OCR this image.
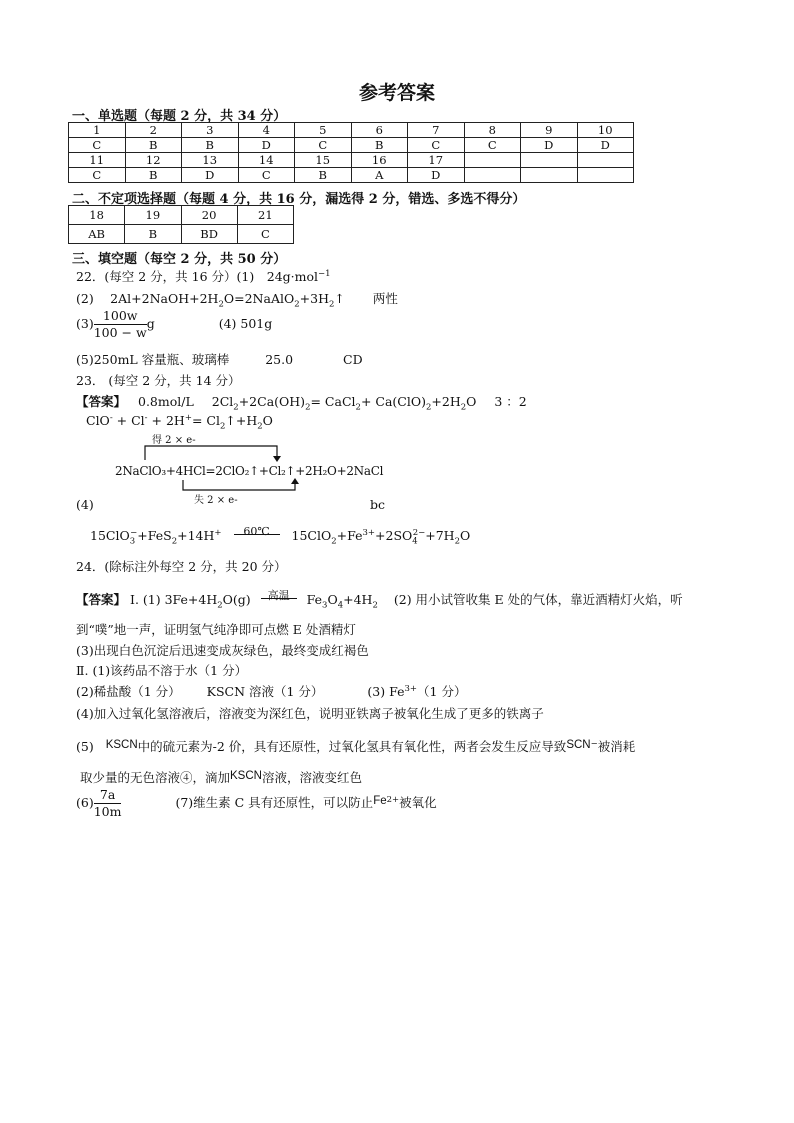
参考答案
一、单选题（每题 2 分，共 34 分）
1	2	3	4	5	6	7	8	9	10
C	B	B	D	C	B	C	C	D	D
11	12	13	14	15	16	17			
C	B	D	C	B	A	D			
二、不定项选择题（每题 4 分，共 16 分，漏选得 2 分，错选、多选不得分）
18	19	20	21
AB	B	BD	C
三、填空题（每空 2 分，共 50 分）
22．(每空 2 分，共 16 分）(1)　24g·mol$^{-1}$
(2)　 $2Al+2NaOH+2H_2O=2NaAlO_2+3H_2↑$ 两性
$(3) \frac{100w}{100 - w}$ g	(4) 501g
(5)250mL 容量瓶、玻璃棒	25.0	CD
23． (每空 2 分，共 14 分）
【答案】 0.8mol/L $2Cl_2+2Ca(OH)_2=$ CaCl$_2$+ $Ca(ClO)_2+2H_2O$ 3 ：2
$ClO^- + Cl^- + 2H^+= Cl_2↑+H_2O$
得 2 × e-
2NaClO₃+4HCl=2ClO₂↑+Cl₂↑+2H₂O+2NaCl
失 2 × e-
(4)	bc
15ClO$_3$−+FeS$_2$+14H+	60℃	$15ClO_2+Fe^{3+}+2SO_4^{2-}+7H_2O$
24．(除标注外每空 2 分，共 20 分）
【答案】 Ⅰ. (1) $3Fe+4H_2O(g)$	高温	$Fe_3O_4+4H_2$ (2) 用小试管收集 E 处的气体，靠近酒精灯火焰，听
到“噗”地一声，证明氢气纯净即可点燃 E 处酒精灯
(3)出现白色沉淀后迅速变成灰绿色，最终变成红褐色
Ⅱ. (1)该药品不溶于水（1 分）
(2)稀盐酸（1 分） KSCN 溶液（1 分）	(3) $Fe^{3+}(1$ 分）
(4)加入过氧化氢溶液后，溶液变为深红色，说明亚铁离子被氧化生成了更多的铁离子
(5) KSCN中的硫元素为-2 价，具有还原性，过氧化氢具有氧化性，两者会发生反应导致SCN−被消耗
取少量的无色溶液④，滴加KSCN溶液，溶液变红色
$(6) \frac{7a}{10m}$	(7)维生素 C 具有还原性，可以防止$Fe^{2+}$被氧化
